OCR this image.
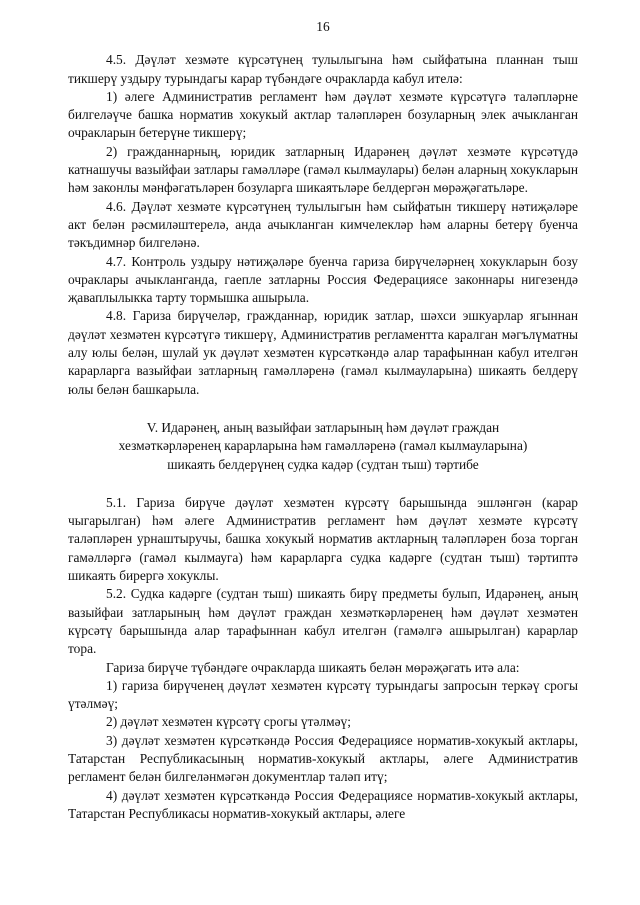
16

4.5. Дәүләт хезмәте күрсәтүнең тулылыгына һәм сыйфатына планнан тыш тикшерү уздыру турындагы карар түбәндәге очракларда кабул ителә:

1) әлеге Административ регламент һәм дәүләт хезмәте күрсәтүгә таләпләрне билгеләүче башка норматив хокукый актлар таләпләрен бозуларның элек ачыкланган очракларын бетерүне тикшерү;

2) гражданнарның, юридик затларның Идарәнең дәүләт хезмәте күрсәтүдә катнашучы вазыйфаи затлары гамәлләре (гамәл кылмаулары) белән аларның хокукларын һәм законлы мәнфәгатьләрен бозуларга шикаятьләре белдергән мөрәҗәгатьләре.

4.6. Дәүләт хезмәте күрсәтүнең тулылыгын һәм сыйфатын тикшерү нәтиҗәләре акт белән рәсмиләштерелә, анда ачыкланган кимчелекләр һәм аларны бетерү буенча тәкъдимнәр билгеләнә.

4.7. Контроль уздыру нәтиҗәләре буенча гариза бирүчеләрнең хокукларын бозу очраклары ачыкланганда, гаепле затларны Россия Федерациясе законнары нигезендә җаваплылыкка тарту тормышка ашырыла.

4.8. Гариза бирүчеләр, гражданнар, юридик затлар, шәхси эшкуарлар ягыннан дәүләт хезмәтен күрсәтүгә тикшерү, Административ регламентта каралган мәгълүматны алу юлы белән, шулай ук дәүләт хезмәтен күрсәткәндә алар тарафыннан кабул ителгән карарларга вазыйфаи затларның гамәлләренә (гамәл кылмауларына) шикаять белдерү юлы белән башкарыла.

V. Идарәнең, аның вазыйфаи затларының һәм дәүләт граждан
хезмәткәрләренең карарларына һәм гамәлләренә (гамәл кылмауларына)
шикаять белдерүнең судка кадәр (судтан тыш) тәртибе

5.1. Гариза бирүче дәүләт хезмәтен күрсәтү барышында эшләнгән (карар чыгарылган) һәм әлеге Административ регламент һәм дәүләт хезмәте күрсәтү таләпләрен урнаштыручы, башка хокукый норматив актларның таләпләрен боза торган гамәлләргә (гамәл кылмауга) һәм карарларга судка кадәрге (судтан тыш) тәртиптә шикаять бирергә хокуклы.

5.2. Судка кадәрге (судтан тыш) шикаять бирү предметы булып, Идарәнең, аның вазыйфаи затларының һәм дәүләт граждан хезмәткәрләренең һәм дәүләт хезмәтен күрсәтү барышында алар тарафыннан кабул ителгән (гамәлгә ашырылган) карарлар тора.

Гариза бирүче түбәндәге очракларда шикаять белән мөрәҗәгать итә ала:

1) гариза бирүченең дәүләт хезмәтен күрсәтү турындагы запросын теркәү срогы үтәлмәү;

2) дәүләт хезмәтен күрсәтү срогы үтәлмәү;

3) дәүләт хезмәтен күрсәткәндә Россия Федерациясе норматив-хокукый актлары, Татарстан Республикасының норматив-хокукый актлары, әлеге Административ регламент белән билгеләнмәгән документлар таләп итү;

4) дәүләт хезмәтен күрсәткәндә Россия Федерациясе норматив-хокукый актлары, Татарстан Республикасы норматив-хокукый актлары, әлеге
